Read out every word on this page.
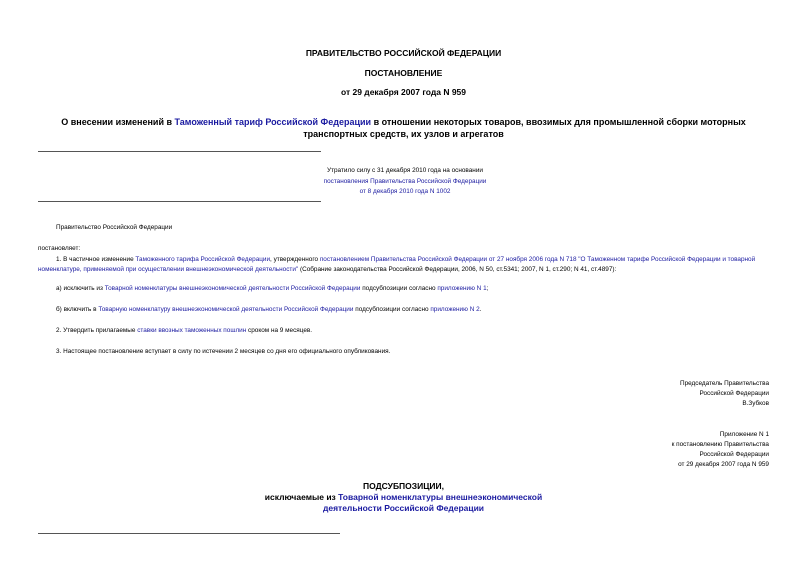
ПРАВИТЕЛЬСТВО РОССИЙСКОЙ ФЕДЕРАЦИИ
ПОСТАНОВЛЕНИЕ
от 29 декабря 2007 года N 959
О внесении изменений в Таможенный тариф Российской Федерации в отношении некоторых товаров, ввозимых для промышленной сборки моторных транспортных средств, их узлов и агрегатов
Утратило силу с 31 декабря 2010 года на основании
постановления Правительства Российской Федерации
от 8 декабря 2010 года N 1002
Правительство Российской Федерации
постановляет:
1. В частичное изменение Таможенного тарифа Российской Федерации, утвержденного постановлением Правительства Российской Федерации от 27 ноября 2006 года N 718 "О Таможенном тарифе Российской Федерации и товарной номенклатуре, применяемой при осуществлении внешнеэкономической деятельности" (Собрание законодательства Российской Федерации, 2006, N 50, ст.5341; 2007, N 1, ст.290; N 41, ст.4897):
а) исключить из Товарной номенклатуры внешнеэкономической деятельности Российской Федерации подсубпозиции согласно приложению N 1;
б) включить в Товарную номенклатуру внешнеэкономической деятельности Российской Федерации подсубпозиции согласно приложению N 2.
2. Утвердить прилагаемые ставки ввозных таможенных пошлин сроком на 9 месяцев.
3. Настоящее постановление вступает в силу по истечении 2 месяцев со дня его официального опубликования.
Председатель Правительства
Российской Федерации
В.Зубков
Приложение N 1
к постановлению Правительства
Российской Федерации
от 29 декабря 2007 года N 959
ПОДСУБПОЗИЦИИ,
исключаемые из Товарной номенклатуры внешнеэкономической
деятельности Российской Федерации
